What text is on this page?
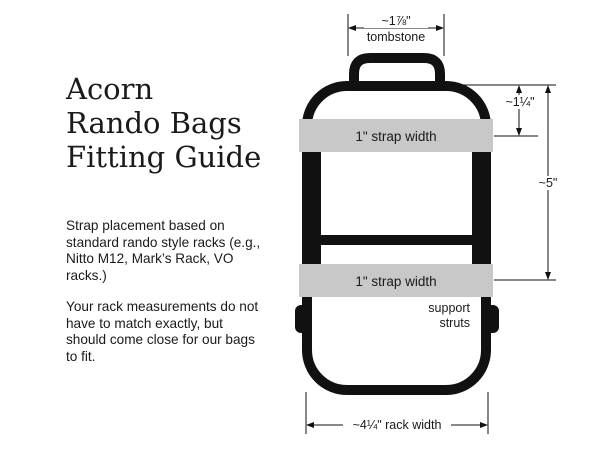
Acorn
Rando Bags
Fitting Guide

Strap placement based on standard rando style racks (e.g., Nitto M12, Mark’s Rack, VO racks.)

Your rack measurements do not have to match exactly, but should come close for our bags to fit.

1" strap width
1" strap width
~1⅞"
tombstone
~1¼"
~5"
support
struts
~4¼" rack width
